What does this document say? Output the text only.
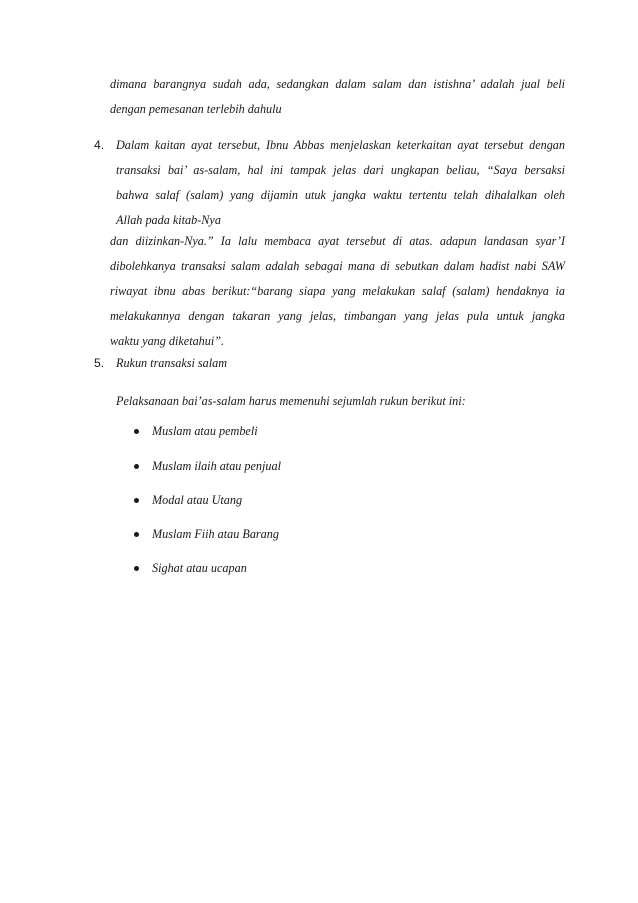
dimana barangnya sudah ada, sedangkan dalam salam dan istishna’ adalah jual beli
dengan pemesanan terlebih dahulu
4. Dalam kaitan ayat tersebut, Ibnu Abbas menjelaskan keterkaitan ayat tersebut dengan
transaksi bai’ as-salam, hal ini tampak jelas dari ungkapan beliau, “Saya bersaksi
bahwa salaf (salam) yang dijamin utuk jangka waktu tertentu telah dihalalkan oleh
Allah pada kitab-Nya
dan diizinkan-Nya.” Ia lalu membaca ayat tersebut di atas. adapun landasan syar’I
dibolehkanya transaksi salam adalah sebagai mana di sebutkan dalam hadist nabi SAW
riwayat ibnu abas berikut:“barang siapa yang melakukan salaf (salam) hendaknya ia
melakukannya dengan takaran yang jelas, timbangan yang jelas pula untuk jangka
waktu yang diketahui”.
5. Rukun transaksi salam
Pelaksanaan bai’as-salam harus memenuhi sejumlah rukun berikut ini:
Muslam atau pembeli
Muslam ilaih atau penjual
Modal atau Utang
Muslam Fiih atau Barang
Sighat atau ucapan
